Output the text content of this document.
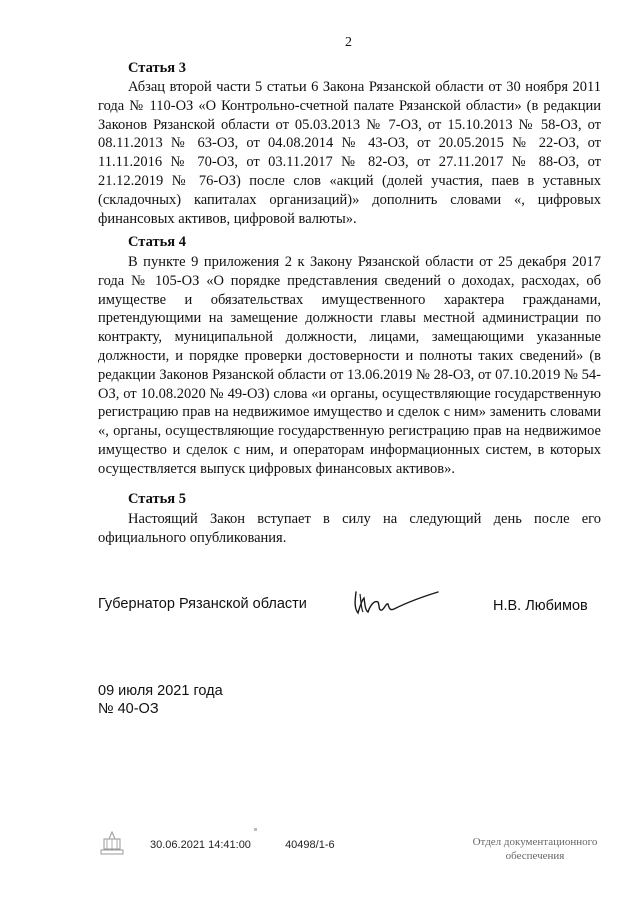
2
Статья 3

Абзац второй части 5 статьи 6 Закона Рязанской области от 30 ноября 2011 года № 110-ОЗ «О Контрольно-счетной палате Рязанской области» (в редакции Законов Рязанской области от 05.03.2013 № 7-ОЗ, от 15.10.2013 № 58-ОЗ, от 08.11.2013 № 63-ОЗ, от 04.08.2014 № 43-ОЗ, от 20.05.2015 № 22-ОЗ, от 11.11.2016 № 70-ОЗ, от 03.11.2017 № 82-ОЗ, от 27.11.2017 № 88-ОЗ, от 21.12.2019 № 76-ОЗ) после слов «акций (долей участия, паев в уставных (складочных) капиталах организаций)» дополнить словами «, цифровых финансовых активов, цифровой валюты».

Статья 4

В пункте 9 приложения 2 к Закону Рязанской области от 25 декабря 2017 года № 105-ОЗ «О порядке представления сведений о доходах, расходах, об имуществе и обязательствах имущественного характера гражданами, претендующими на замещение должности главы местной администрации по контракту, муниципальной должности, лицами, замещающими указанные должности, и порядке проверки достоверности и полноты таких сведений» (в редакции Законов Рязанской области от 13.06.2019 № 28-ОЗ, от 07.10.2019 № 54-ОЗ, от 10.08.2020 № 49-ОЗ) слова «и органы, осуществляющие государственную регистрацию прав на недвижимое имущество и сделок с ним» заменить словами «, органы, осуществляющие государственную регистрацию прав на недвижимое имущество и сделок с ним, и операторам информационных систем, в которых осуществляется выпуск цифровых финансовых активов».

Статья 5

Настоящий Закон вступает в силу на следующий день после его официального опубликования.

Губернатор Рязанской области	Н.В. Любимов
09 июля 2021 года
№ 40-ОЗ
30.06.2021 14:41:00	40498/1-6	Отдел документационного
обеспечения
